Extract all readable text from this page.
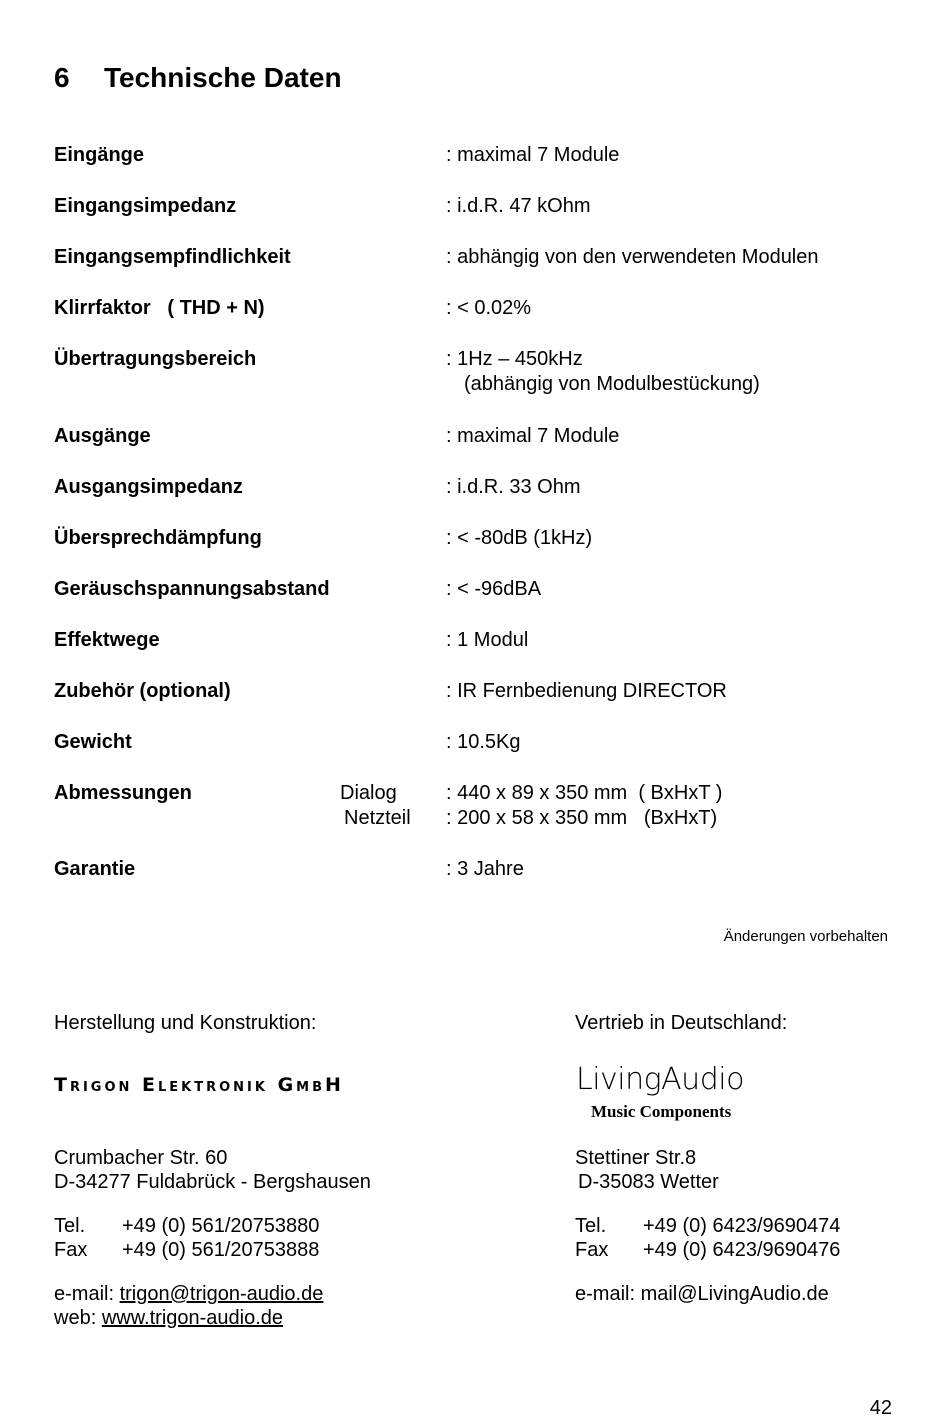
6 Technische Daten
Eingänge	: maximal 7 Module
Eingangsimpedanz	: i.d.R. 47 kOhm
Eingangsempfindlichkeit	: abhängig von den verwendeten Modulen
Klirrfaktor   ( THD + N)	: < 0.02%
Übertragungsbereich	: 1Hz – 450kHz
(abhängig von Modulbestückung)
Ausgänge	: maximal 7 Module
Ausgangsimpedanz	: i.d.R. 33 Ohm
Übersprechdämpfung	: < -80dB (1kHz)
Geräuschspannungsabstand	: < -96dBA
Effektwege	: 1 Modul
Zubehör (optional)	: IR Fernbedienung DIRECTOR
Gewicht	: 10.5Kg
Abmessungen	Dialog : 440 x 89 x 350 mm  ( BxHxT )
Netzteil : 200 x 58 x 350 mm   (BxHxT)
Garantie	: 3 Jahre
Änderungen vorbehalten
Herstellung und Konstruktion:
Trigon Elektronik GmbH
Crumbacher Str. 60
D-34277 Fuldabrück - Bergshausen
Tel. +49 (0) 561/20753880
Fax +49 (0) 561/20753888
e-mail: trigon@trigon-audio.de
web: www.trigon-audio.de
Vertrieb in Deutschland:
LivingAudio
Music Components
Stettiner Str.8
D-35083 Wetter
Tel. +49 (0) 6423/9690474
Fax +49 (0) 6423/9690476
e-mail: mail@LivingAudio.de
42
